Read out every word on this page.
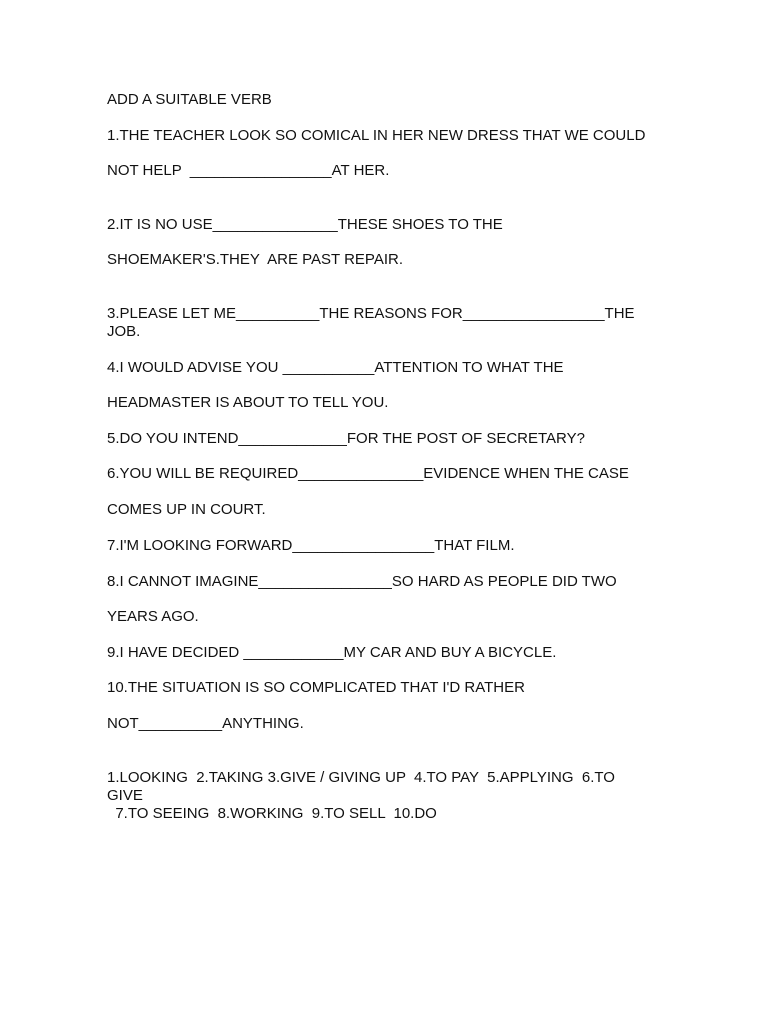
ADD A SUITABLE VERB

1.THE TEACHER LOOK SO COMICAL IN HER NEW DRESS THAT WE COULD

NOT HELP  _________________AT HER.

2.IT IS NO USE_______________THESE SHOES TO THE

SHOEMAKER'S.THEY  ARE PAST REPAIR.

3.PLEASE LET ME__________THE REASONS FOR_________________THE

JOB.

4.I WOULD ADVISE YOU ___________ATTENTION TO WHAT THE

HEADMASTER IS ABOUT TO TELL YOU.

5.DO YOU INTEND_____________FOR THE POST OF SECRETARY?

6.YOU WILL BE REQUIRED_______________EVIDENCE WHEN THE CASE

COMES UP IN COURT.

7.I'M LOOKING FORWARD_________________THAT FILM.

8.I CANNOT IMAGINE________________SO HARD AS PEOPLE DID TWO

YEARS AGO.

9.I HAVE DECIDED ____________MY CAR AND BUY A BICYCLE.

10.THE SITUATION IS SO COMPLICATED THAT I'D RATHER

NOT__________ANYTHING.

1.LOOKING  2.TAKING 3.GIVE / GIVING UP  4.TO PAY  5.APPLYING  6.TO

GIVE

7.TO SEEING  8.WORKING  9.TO SELL  10.DO
